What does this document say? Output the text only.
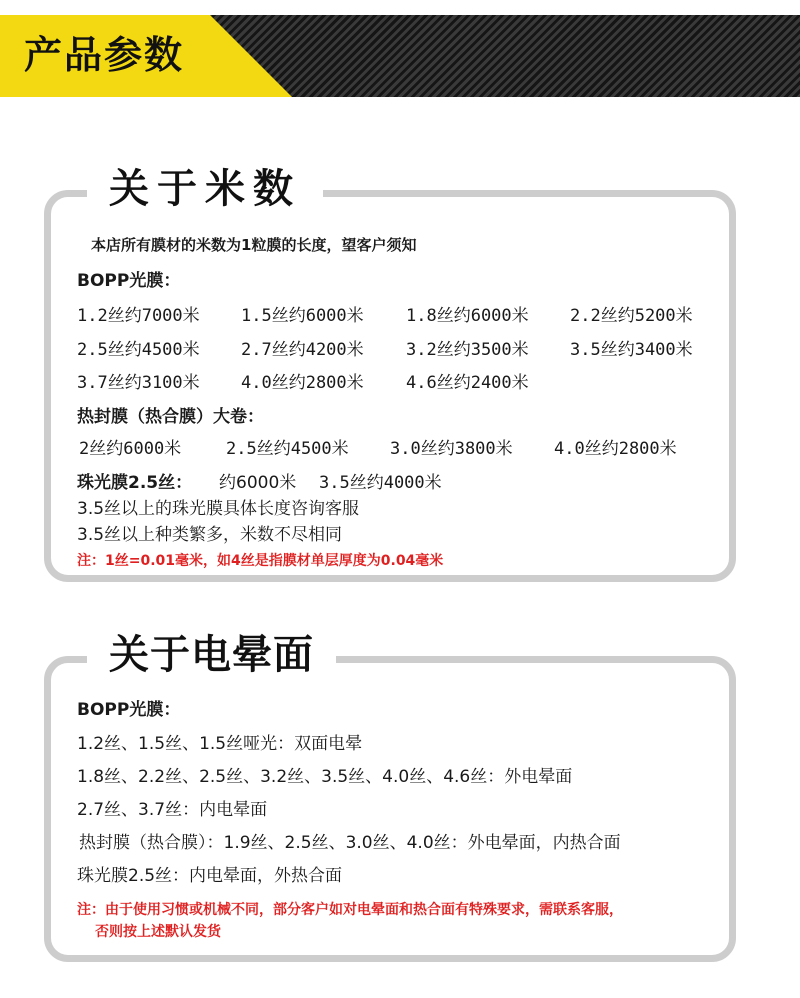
产品参数
关于米数
本店所有膜材的米数为1粒膜的长度，望客户须知
BOPP光膜：
1.2丝约7000米 1.5丝约6000米 1.8丝约6000米 2.2丝约5200米
2.5丝约4500米 2.7丝约4200米 3.2丝约3500米 3.5丝约3400米
3.7丝约3100米 4.0丝约2800米 4.6丝约2400米
热封膜（热合膜）大卷：
2丝约6000米	2.5丝约4500米 3.0丝约3800米 4.0丝约2800米
珠光膜2.5丝： 约6000米 3.5丝约4000米
3.5丝以上的珠光膜具体长度咨询客服
3.5丝以上种类繁多，米数不尽相同
注：1丝=0.01毫米，如4丝是指膜材单层厚度为0.04毫米
关于电晕面
BOPP光膜：
1.2丝、1.5丝、1.5丝哑光：双面电晕
1.8丝、2.2丝、2.5丝、3.2丝、3.5丝、4.0丝、4.6丝：外电晕面
2.7丝、3.7丝：内电晕面
热封膜（热合膜）：1.9丝、2.5丝、3.0丝、4.0丝：外电晕面，内热合面
珠光膜2.5丝：内电晕面，外热合面
注：由于使用习惯或机械不同，部分客户如对电晕面和热合面有特殊要求，需联系客服，
否则按上述默认发货
